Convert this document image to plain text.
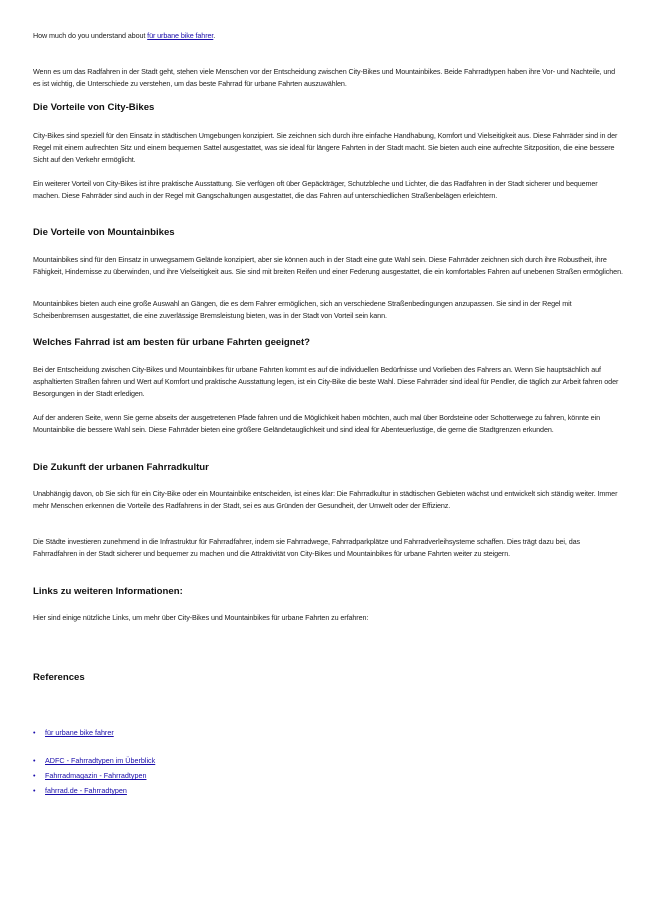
How much do you understand about für urbane bike fahrer.

Wenn es um das Radfahren in der Stadt geht, stehen viele Menschen vor der Entscheidung zwischen City-Bikes und Mountainbikes. Beide Fahrradtypen haben ihre Vor- und Nachteile, und es ist wichtig, die Unterschiede zu verstehen, um das beste Fahrrad für urbane Fahrten auszuwählen.

Die Vorteile von City-Bikes

City-Bikes sind speziell für den Einsatz in städtischen Umgebungen konzipiert. Sie zeichnen sich durch ihre einfache Handhabung, Komfort und Vielseitigkeit aus. Diese Fahrräder sind in der Regel mit einem aufrechten Sitz und einem bequemen Sattel ausgestattet, was sie ideal für längere Fahrten in der Stadt macht. Sie bieten auch eine aufrechte Sitzposition, die eine bessere Sicht auf den Verkehr ermöglicht.

Ein weiterer Vorteil von City-Bikes ist ihre praktische Ausstattung. Sie verfügen oft über Gepäckträger, Schutzbleche und Lichter, die das Radfahren in der Stadt sicherer und bequemer machen. Diese Fahrräder sind auch in der Regel mit Gangschaltungen ausgestattet, die das Fahren auf unterschiedlichen Straßenbelägen erleichtern.

Die Vorteile von Mountainbikes

Mountainbikes sind für den Einsatz in unwegsamem Gelände konzipiert, aber sie können auch in der Stadt eine gute Wahl sein. Diese Fahrräder zeichnen sich durch ihre Robustheit, ihre Fähigkeit, Hindernisse zu überwinden, und ihre Vielseitigkeit aus. Sie sind mit breiten Reifen und einer Federung ausgestattet, die ein komfortables Fahren auf unebenen Straßen ermöglichen.

Mountainbikes bieten auch eine große Auswahl an Gängen, die es dem Fahrer ermöglichen, sich an verschiedene Straßenbedingungen anzupassen. Sie sind in der Regel mit Scheibenbremsen ausgestattet, die eine zuverlässige Bremsleistung bieten, was in der Stadt von Vorteil sein kann.

Welches Fahrrad ist am besten für urbane Fahrten geeignet?

Bei der Entscheidung zwischen City-Bikes und Mountainbikes für urbane Fahrten kommt es auf die individuellen Bedürfnisse und Vorlieben des Fahrers an. Wenn Sie hauptsächlich auf asphaltierten Straßen fahren und Wert auf Komfort und praktische Ausstattung legen, ist ein City-Bike die beste Wahl. Diese Fahrräder sind ideal für Pendler, die täglich zur Arbeit fahren oder Besorgungen in der Stadt erledigen.

Auf der anderen Seite, wenn Sie gerne abseits der ausgetretenen Pfade fahren und die Möglichkeit haben möchten, auch mal über Bordsteine oder Schotterwege zu fahren, könnte ein Mountainbike die bessere Wahl sein. Diese Fahrräder bieten eine größere Geländetauglichkeit und sind ideal für Abenteuerlustige, die gerne die Stadtgrenzen erkunden.

Die Zukunft der urbanen Fahrradkultur

Unabhängig davon, ob Sie sich für ein City-Bike oder ein Mountainbike entscheiden, ist eines klar: Die Fahrradkultur in städtischen Gebieten wächst und entwickelt sich ständig weiter. Immer mehr Menschen erkennen die Vorteile des Radfahrens in der Stadt, sei es aus Gründen der Gesundheit, der Umwelt oder der Effizienz.

Die Städte investieren zunehmend in die Infrastruktur für Fahrradfahrer, indem sie Fahrradwege, Fahrradparkplätze und Fahrradverleihsysteme schaffen. Dies trägt dazu bei, das Fahrradfahren in der Stadt sicherer und bequemer zu machen und die Attraktivität von City-Bikes und Mountainbikes für urbane Fahrten weiter zu steigern.

Links zu weiteren Informationen:

Hier sind einige nützliche Links, um mehr über City-Bikes und Mountainbikes für urbane Fahrten zu erfahren:

References
• für urbane bike fahrer
• ADFC - Fahrradtypen im Überblick
• Fahrradmagazin - Fahrradtypen
• fahrrad.de - Fahrradtypen
